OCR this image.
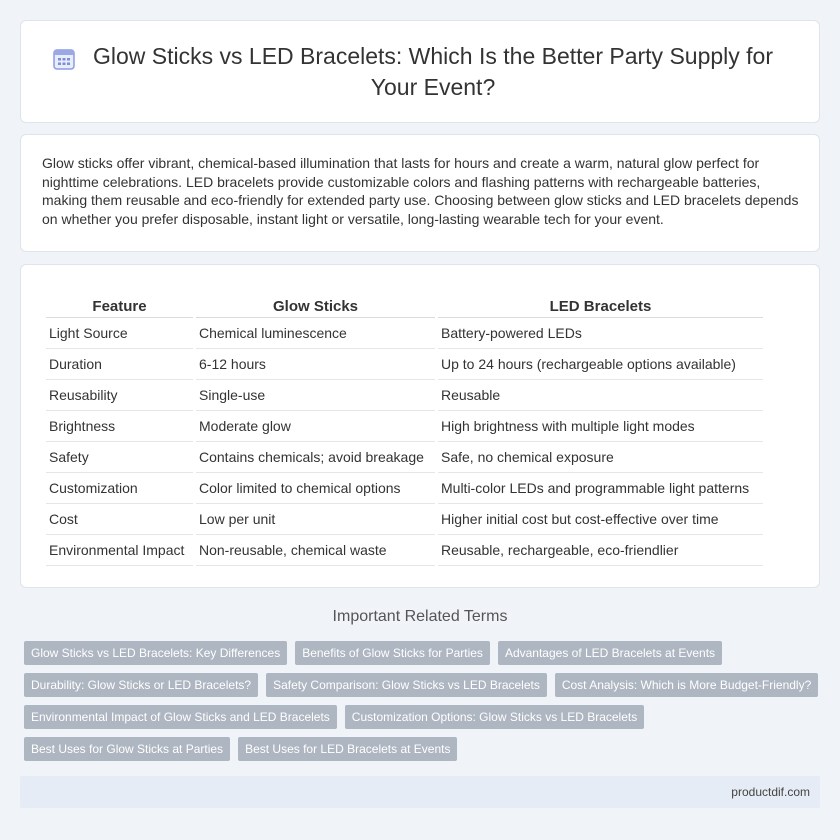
Glow Sticks vs LED Bracelets: Which Is the Better Party Supply for Your Event?

Glow sticks offer vibrant, chemical-based illumination that lasts for hours and create a warm, natural glow perfect for nighttime celebrations. LED bracelets provide customizable colors and flashing patterns with rechargeable batteries, making them reusable and eco-friendly for extended party use. Choosing between glow sticks and LED bracelets depends on whether you prefer disposable, instant light or versatile, long-lasting wearable tech for your event.

Feature	Glow Sticks	LED Bracelets
Light Source	Chemical luminescence	Battery-powered LEDs
Duration	6-12 hours	Up to 24 hours (rechargeable options available)
Reusability	Single-use	Reusable
Brightness	Moderate glow	High brightness with multiple light modes
Safety	Contains chemicals; avoid breakage	Safe, no chemical exposure
Customization	Color limited to chemical options	Multi-color LEDs and programmable light patterns
Cost	Low per unit	Higher initial cost but cost-effective over time
Environmental Impact	Non-reusable, chemical waste	Reusable, rechargeable, eco-friendlier
Important Related Terms
Glow Sticks vs LED Bracelets: Key Differences	Benefits of Glow Sticks for Parties	Advantages of LED Bracelets at Events
Durability: Glow Sticks or LED Bracelets?	Safety Comparison: Glow Sticks vs LED Bracelets	Cost Analysis: Which is More Budget-Friendly?
Environmental Impact of Glow Sticks and LED Bracelets	Customization Options: Glow Sticks vs LED Bracelets
Best Uses for Glow Sticks at Parties	Best Uses for LED Bracelets at Events
productdif.com
